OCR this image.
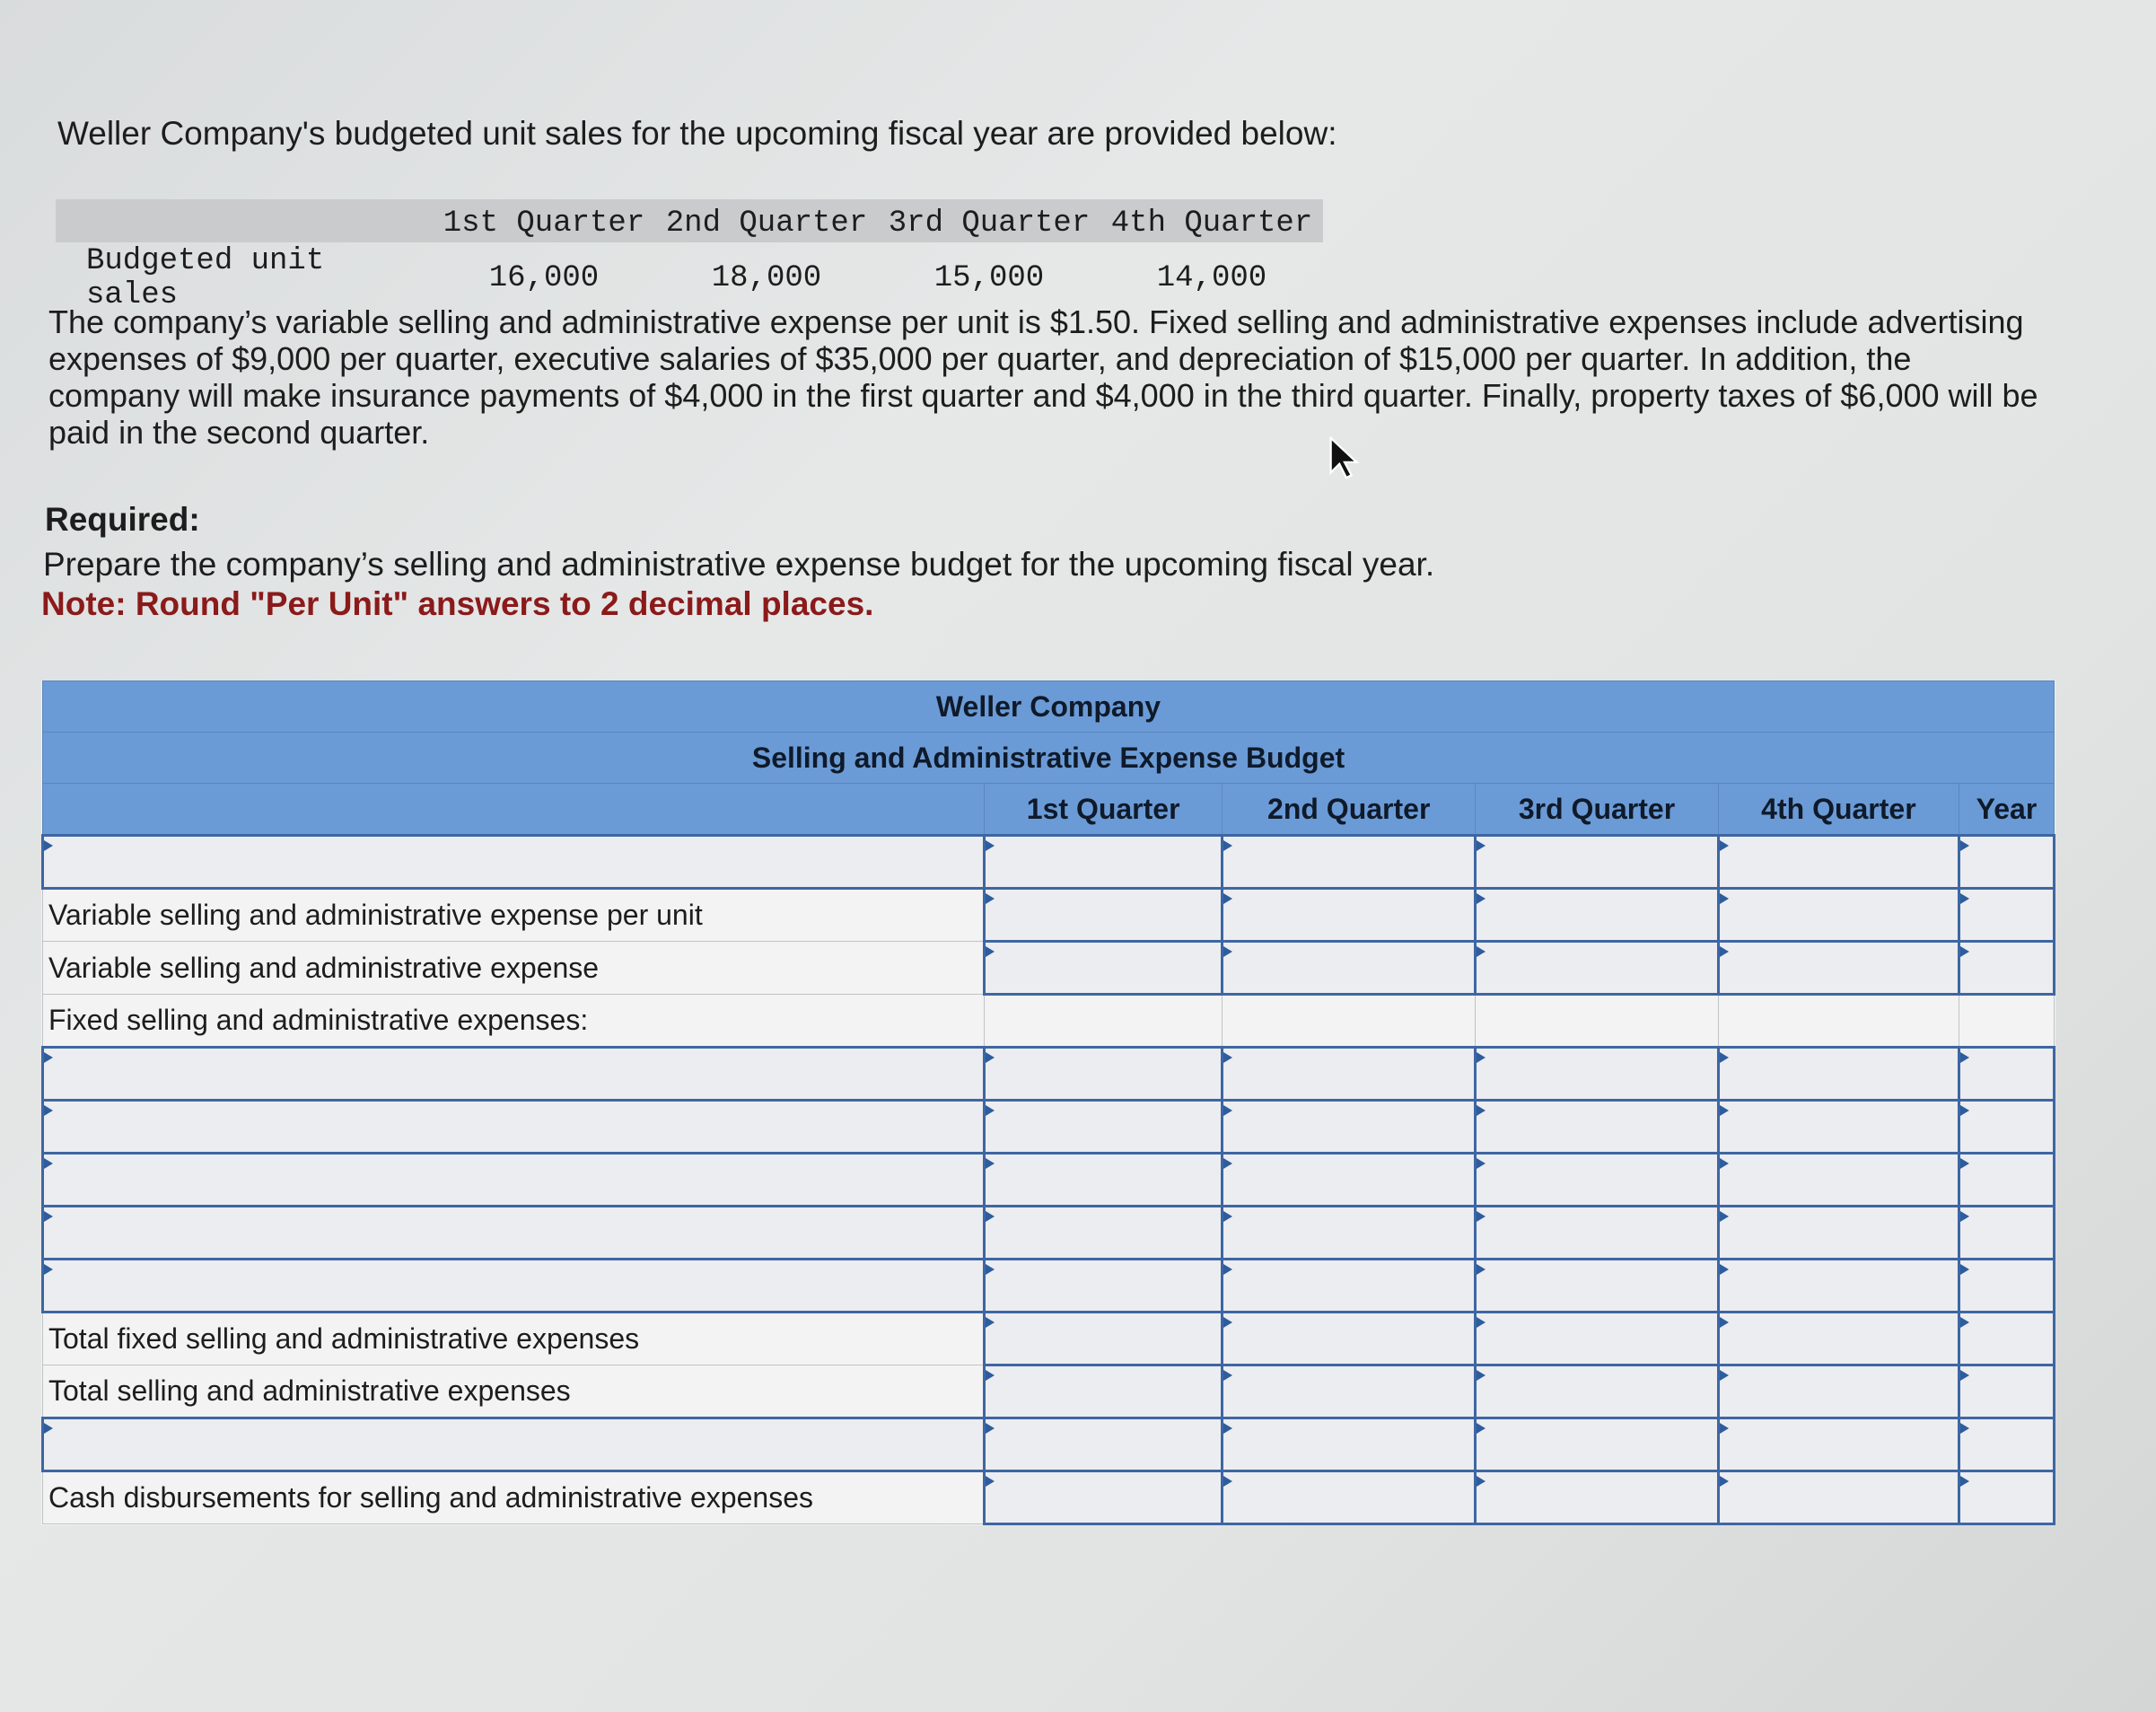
Weller Company's budgeted unit sales for the upcoming fiscal year are provided below:
	1st Quarter	2nd Quarter	3rd Quarter	4th Quarter
Budgeted unit sales	16,000	18,000	15,000	14,000
The company’s variable selling and administrative expense per unit is $1.50. Fixed selling and administrative expenses include advertising expenses of $9,000 per quarter, executive salaries of $35,000 per quarter, and depreciation of $15,000 per quarter. In addition, the company will make insurance payments of $4,000 in the first quarter and $4,000 in the third quarter. Finally, property taxes of $6,000 will be paid in the second quarter.
Required:
Prepare the company’s selling and administrative expense budget for the upcoming fiscal year.
Note: Round "Per Unit" answers to 2 decimal places.
Weller Company					
Selling and Administrative Expense Budget					
	1st Quarter	2nd Quarter	3rd Quarter	4th Quarter	Year

Variable selling and administrative expense per unit					
Variable selling and administrative expense					
Fixed selling and administrative expenses:					

Total fixed selling and administrative expenses					
Total selling and administrative expenses					

Cash disbursements for selling and administrative expenses					
